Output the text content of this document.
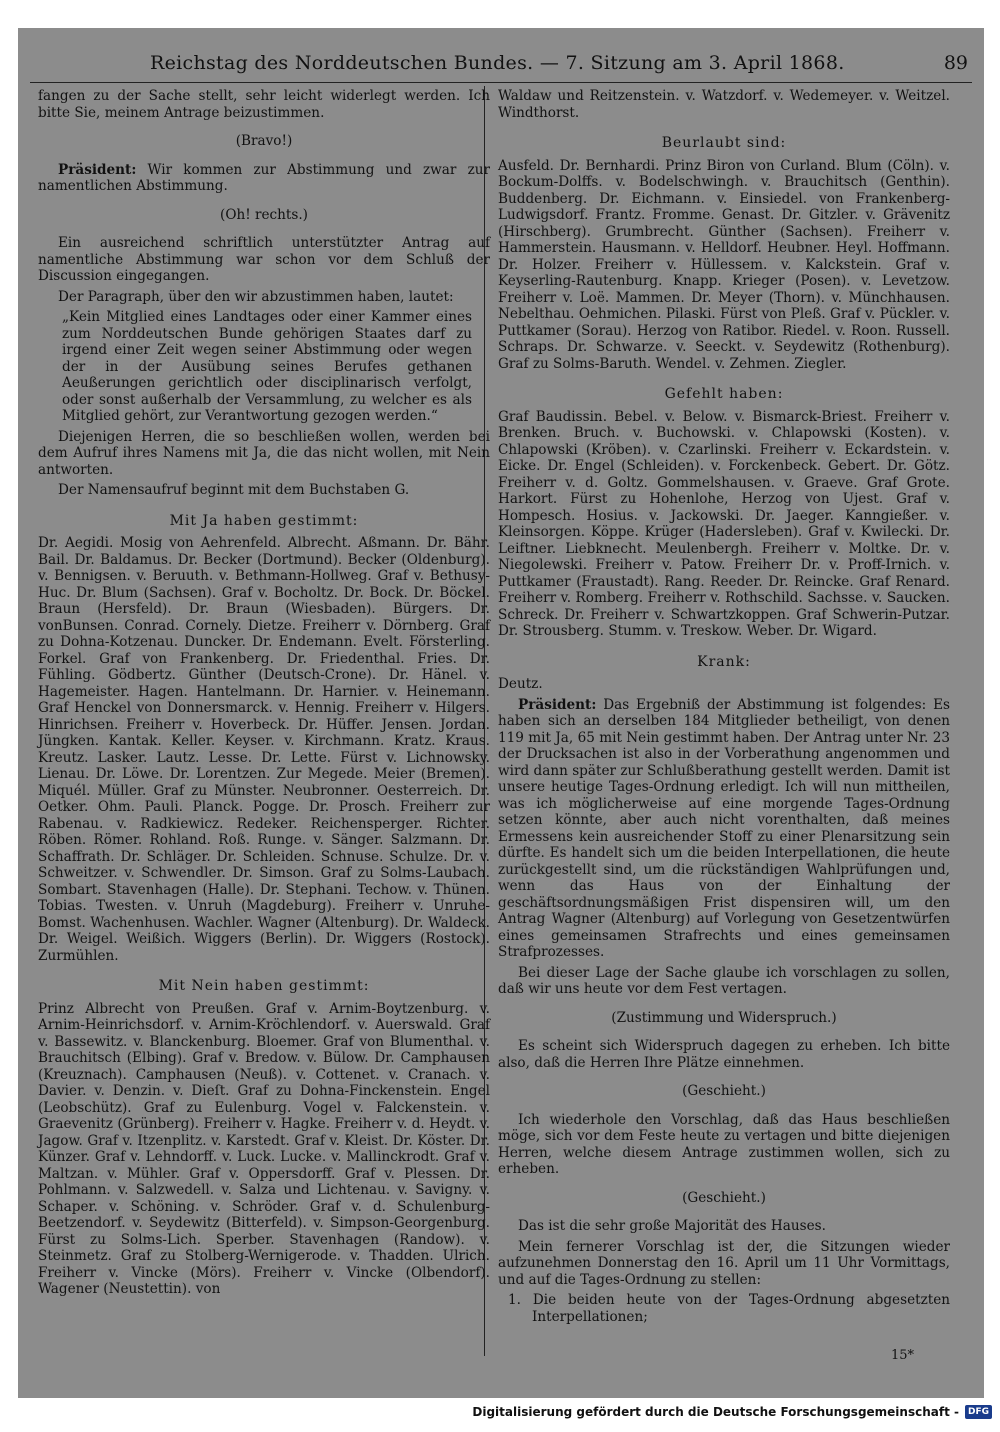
Reichstag des Norddeutschen Bundes. — 7. Sitzung am 3. April 1868.	89

fangen zu der Sache stellt, sehr leicht widerlegt werden. Ich bitte Sie, meinem Antrage beizustimmen.

(Bravo!)

Präsident: Wir kommen zur Abstimmung und zwar zur namentlichen Abstimmung.

(Oh! rechts.)

Ein ausreichend schriftlich unterstützter Antrag auf namentliche Abstimmung war schon vor dem Schluß der Discussion eingegangen.

Der Paragraph, über den wir abzustimmen haben, lautet:

„Kein Mitglied eines Landtages oder einer Kammer eines zum Norddeutschen Bunde gehörigen Staates darf zu irgend einer Zeit wegen seiner Abstimmung oder wegen der in der Ausübung seines Berufes gethanen Aeußerungen gerichtlich oder disciplinarisch verfolgt, oder sonst außerhalb der Versammlung, zu welcher es als Mitglied gehört, zur Verantwortung gezogen werden.“

Diejenigen Herren, die so beschließen wollen, werden bei dem Aufruf ihres Namens mit Ja, die das nicht wollen, mit Nein antworten.

Der Namensaufruf beginnt mit dem Buchstaben G.

Mit Ja haben gestimmt:

Dr. Aegidi. Mosig von Aehrenfeld. Albrecht. Aßmann. Dr. Bähr. Bail. Dr. Baldamus. Dr. Becker (Dortmund). Becker (Oldenburg). v. Bennigsen. v. Beruuth. v. Bethmann-Hollweg. Graf v. Bethusy-Huc. Dr. Blum (Sachsen). Graf v. Bocholtz. Dr. Bock. Dr. Böckel. Braun (Hersfeld). Dr. Braun (Wiesbaden). Bürgers. Dr. vonBunsen. Conrad. Cornely. Dietze. Freiherr v. Dörnberg. Graf zu Dohna-Kotzenau. Duncker. Dr. Endemann. Evelt. Försterling. Forkel. Graf von Frankenberg. Dr. Friedenthal. Fries. Dr. Fühling. Gödbertz. Günther (Deutsch-Crone). Dr. Hänel. v. Hagemeister. Hagen. Hantelmann. Dr. Harnier. v. Heinemann. Graf Henckel von Donnersmarck. v. Hennig. Freiherr v. Hilgers. Hinrichsen. Freiherr v. Hoverbeck. Dr. Hüffer. Jensen. Jordan. Jüngken. Kantak. Keller. Keyser. v. Kirchmann. Kratz. Kraus. Kreutz. Lasker. Lautz. Lesse. Dr. Lette. Fürst v. Lichnowsky. Lienau. Dr. Löwe. Dr. Lorentzen. Zur Megede. Meier (Bremen). Miquél. Müller. Graf zu Münster. Neubronner. Oesterreich. Dr. Oetker. Ohm. Pauli. Planck. Pogge. Dr. Prosch. Freiherr zur Rabenau. v. Radkiewicz. Redeker. Reichensperger. Richter. Röben. Römer. Rohland. Roß. Runge. v. Sänger. Salzmann. Dr. Schaffrath. Dr. Schläger. Dr. Schleiden. Schnuse. Schulze. Dr. v. Schweitzer. v. Schwendler. Dr. Simson. Graf zu Solms-Laubach. Sombart. Stavenhagen (Halle). Dr. Stephani. Techow. v. Thünen. Tobias. Twesten. v. Unruh (Magdeburg). Freiherr v. Unruhe-Bomst. Wachenhusen. Wachler. Wagner (Altenburg). Dr. Waldeck. Dr. Weigel. Weißich. Wiggers (Berlin). Dr. Wiggers (Rostock). Zurmühlen.

Mit Nein haben gestimmt:

Prinz Albrecht von Preußen. Graf v. Arnim-Boytzenburg. v. Arnim-Heinrichsdorf. v. Arnim-Kröchlendorf. v. Auerswald. Graf v. Bassewitz. v. Blanckenburg. Bloemer. Graf von Blumenthal. v. Brauchitsch (Elbing). Graf v. Bredow. v. Bülow. Dr. Camphausen (Kreuznach). Camphausen (Neuß). v. Cottenet. v. Cranach. v. Davier. v. Denzin. v. Dieſt. Graf zu Dohna-Finckenstein. Engel (Leobschütz). Graf zu Eulenburg. Vogel v. Falckenstein. v. Graevenitz (Grünberg). Freiherr v. Hagke. Freiherr v. d. Heydt. v. Jagow. Graf v. Itzenplitz. v. Karstedt. Graf v. Kleist. Dr. Köster. Dr. Künzer. Graf v. Lehndorff. v. Luck. Lucke. v. Mallinckrodt. Graf v. Maltzan. v. Mühler. Graf v. Oppersdorff. Graf v. Plessen. Dr. Pohlmann. v. Salzwedell. v. Salza und Lichtenau. v. Savigny. v. Schaper. v. Schöning. v. Schröder. Graf v. d. Schulenburg-Beetzendorf. v. Seydewitz (Bitterfeld). v. Simpson-Georgenburg. Fürst zu Solms-Lich. Sperber. Stavenhagen (Randow). v. Steinmetz. Graf zu Stolberg-Wernigerode. v. Thadden. Ulrich. Freiherr v. Vincke (Mörs). Freiherr v. Vincke (Olbendorf). Wagener (Neustettin). von

Waldaw und Reitzenstein. v. Watzdorf. v. Wedemeyer. v. Weitzel. Windthorst.

Beurlaubt sind:

Ausfeld. Dr. Bernhardi. Prinz Biron von Curland. Blum (Cöln). v. Bockum-Dolffs. v. Bodelschwingh. v. Brauchitsch (Genthin). Buddenberg. Dr. Eichmann. v. Einsiedel. von Frankenberg-Ludwigsdorf. Frantz. Fromme. Genast. Dr. Gitzler. v. Grävenitz (Hirschberg). Grumbrecht. Günther (Sachsen). Freiherr v. Hammerstein. Hausmann. v. Helldorf. Heubner. Heyl. Hoffmann. Dr. Holzer. Freiherr v. Hüllessem. v. Kalckstein. Graf v. Keyserling-Rautenburg. Knapp. Krieger (Posen). v. Levetzow. Freiherr v. Loë. Mammen. Dr. Meyer (Thorn). v. Münchhausen. Nebelthau. Oehmichen. Pilaski. Fürst von Pleß. Graf v. Pückler. v. Puttkamer (Sorau). Herzog von Ratibor. Riedel. v. Roon. Russell. Schraps. Dr. Schwarze. v. Seeckt. v. Seydewitz (Rothenburg). Graf zu Solms-Baruth. Wendel. v. Zehmen. Ziegler.

Gefehlt haben:

Graf Baudissin. Bebel. v. Below. v. Bismarck-Briest. Freiherr v. Brenken. Bruch. v. Buchowski. v. Chlapowski (Kosten). v. Chlapowski (Kröben). v. Czarlinski. Freiherr v. Eckardstein. v. Eicke. Dr. Engel (Schleiden). v. Forckenbeck. Gebert. Dr. Götz. Freiherr v. d. Goltz. Gommelshausen. v. Graeve. Graf Grote. Harkort. Fürst zu Hohenlohe, Herzog von Ujest. Graf v. Hompesch. Hosius. v. Jackowski. Dr. Jaeger. Kanngießer. v. Kleinsorgen. Köppe. Krüger (Hadersleben). Graf v. Kwilecki. Dr. Leiftner. Liebknecht. Meulenbergh. Freiherr v. Moltke. Dr. v. Niegolewski. Freiherr v. Patow. Freiherr Dr. v. Proff-Irnich. v. Puttkamer (Fraustadt). Rang. Reeder. Dr. Reincke. Graf Renard. Freiherr v. Romberg. Freiherr v. Rothschild. Sachsse. v. Saucken. Schreck. Dr. Freiherr v. Schwartzkoppen. Graf Schwerin-Putzar. Dr. Strousberg. Stumm. v. Treskow. Weber. Dr. Wigard.

Krank:

Deutz.

Präsident: Das Ergebniß der Abstimmung ist folgendes: Es haben sich an derselben 184 Mitglieder betheiligt, von denen 119 mit Ja, 65 mit Nein gestimmt haben. Der Antrag unter Nr. 23 der Drucksachen ist also in der Vorberathung angenommen und wird dann später zur Schlußberathung gestellt werden. Damit ist unsere heutige Tages-Ordnung erledigt. Ich will nun mittheilen, was ich möglicherweise auf eine morgende Tages-Ordnung setzen könnte, aber auch nicht vorenthalten, daß meines Ermessens kein ausreichender Stoff zu einer Plenarsitzung sein dürfte. Es handelt sich um die beiden Interpellationen, die heute zurückgestellt sind, um die rückständigen Wahlprüfungen und, wenn das Haus von der Einhaltung der geschäftsordnungsmäßigen Frist dispensiren will, um den Antrag Wagner (Altenburg) auf Vorlegung von Gesetzentwürfen eines gemeinsamen Strafrechts und eines gemeinsamen Strafprozesses.

Bei dieser Lage der Sache glaube ich vorschlagen zu sollen, daß wir uns heute vor dem Fest vertagen.

(Zustimmung und Widerspruch.)

Es scheint sich Widerspruch dagegen zu erheben. Ich bitte also, daß die Herren Ihre Plätze einnehmen.

(Geschieht.)

Ich wiederhole den Vorschlag, daß das Haus beschließen möge, sich vor dem Feste heute zu vertagen und bitte diejenigen Herren, welche diesem Antrage zustimmen wollen, sich zu erheben.

(Geschieht.)

Das ist die sehr große Majorität des Hauses.

Mein fernerer Vorschlag ist der, die Sitzungen wieder aufzunehmen Donnerstag den 16. April um 11 Uhr Vormittags, und auf die Tages-Ordnung zu stellen:

1. Die beiden heute von der Tages-Ordnung abgesetzten Interpellationen;

15*
Digitalisierung gefördert durch die Deutsche Forschungsgemeinschaft -	DFG
